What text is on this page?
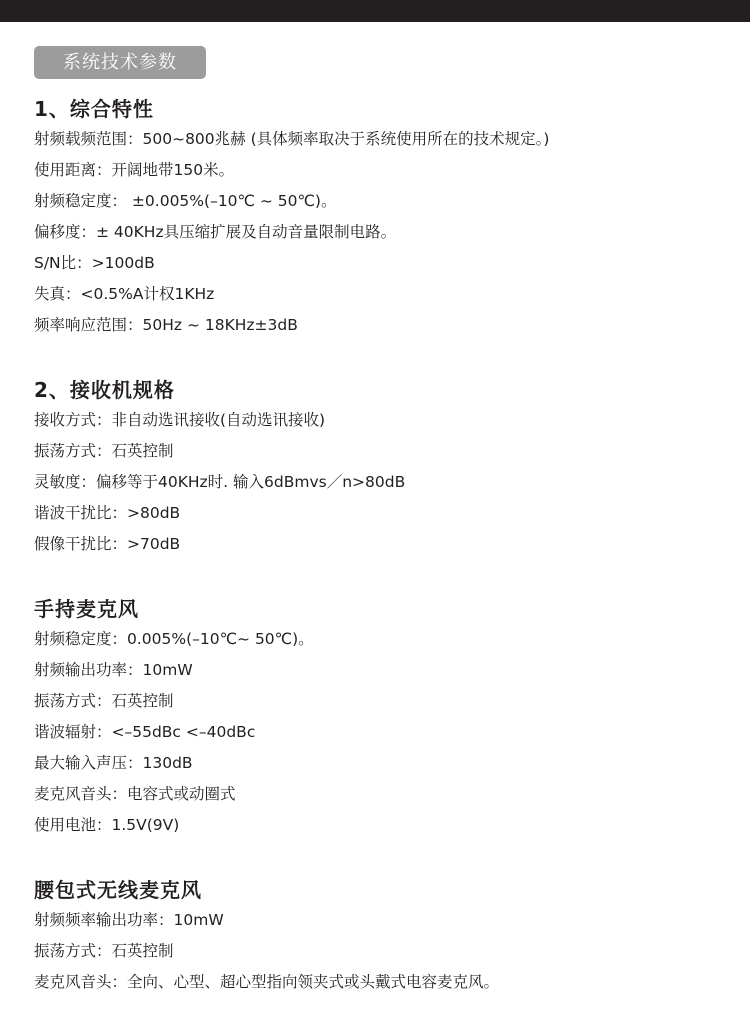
系统技术参数
1、综合特性
射频载频范围：500~800兆赫 (具体频率取决于系统使用所在的技术规定。)
使用距离：开阔地带150米。
射频稳定度： ±0.005%(–10℃ ~ 50℃)。
偏移度：± 40KHz具压缩扩展及自动音量限制电路。
S/N比：>100dB
失真：<0.5%A计权1KHz
频率响应范围：50Hz ~ 18KHz±3dB
2、接收机规格
接收方式：非自动选讯接收(自动选讯接收)
振荡方式：石英控制
灵敏度：偏移等于40KHz时. 输入6dBmvs／n>80dB
谐波干扰比：>80dB
假像干扰比：>70dB
手持麦克风
射频稳定度：0.005%(–10℃~ 50℃)。
射频输出功率：10mW
振荡方式：石英控制
谐波辐射：<–55dBc <–40dBc
最大输入声压：130dB
麦克风音头：电容式或动圈式
使用电池：1.5V(9V)
腰包式无线麦克风
射频频率输出功率：10mW
振荡方式：石英控制
麦克风音头：全向、心型、超心型指向领夹式或头戴式电容麦克风。
